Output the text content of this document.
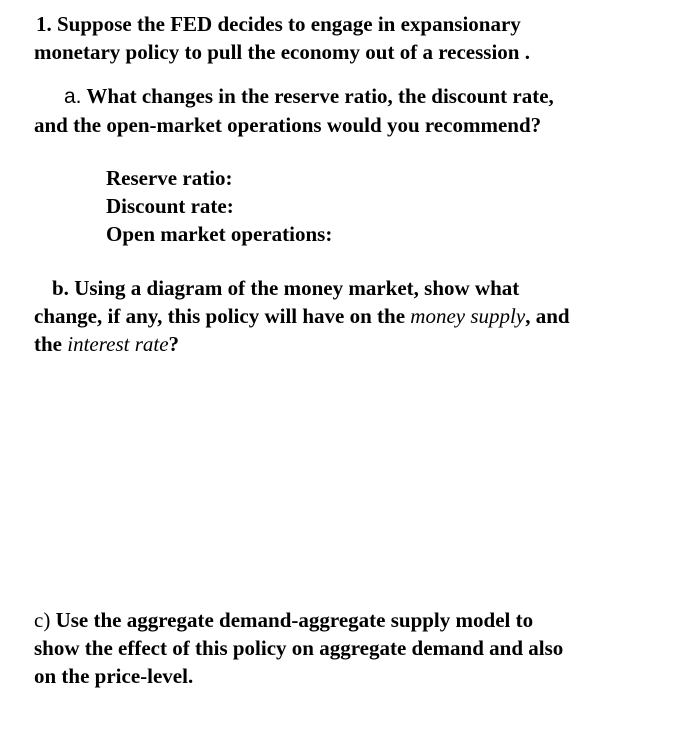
1. Suppose the FED decides to engage in expansionary
monetary policy to pull the economy out of a recession .
a. What changes in the reserve ratio, the discount rate,
and the open-market operations would you recommend?
Reserve ratio:
Discount rate:
Open market operations:
b. Using a diagram of the money market, show what
change, if any, this policy will have on the money supply, and
the interest rate?
c) Use the aggregate demand-aggregate supply model to
show the effect of this policy on aggregate demand and also
on the price-level.
